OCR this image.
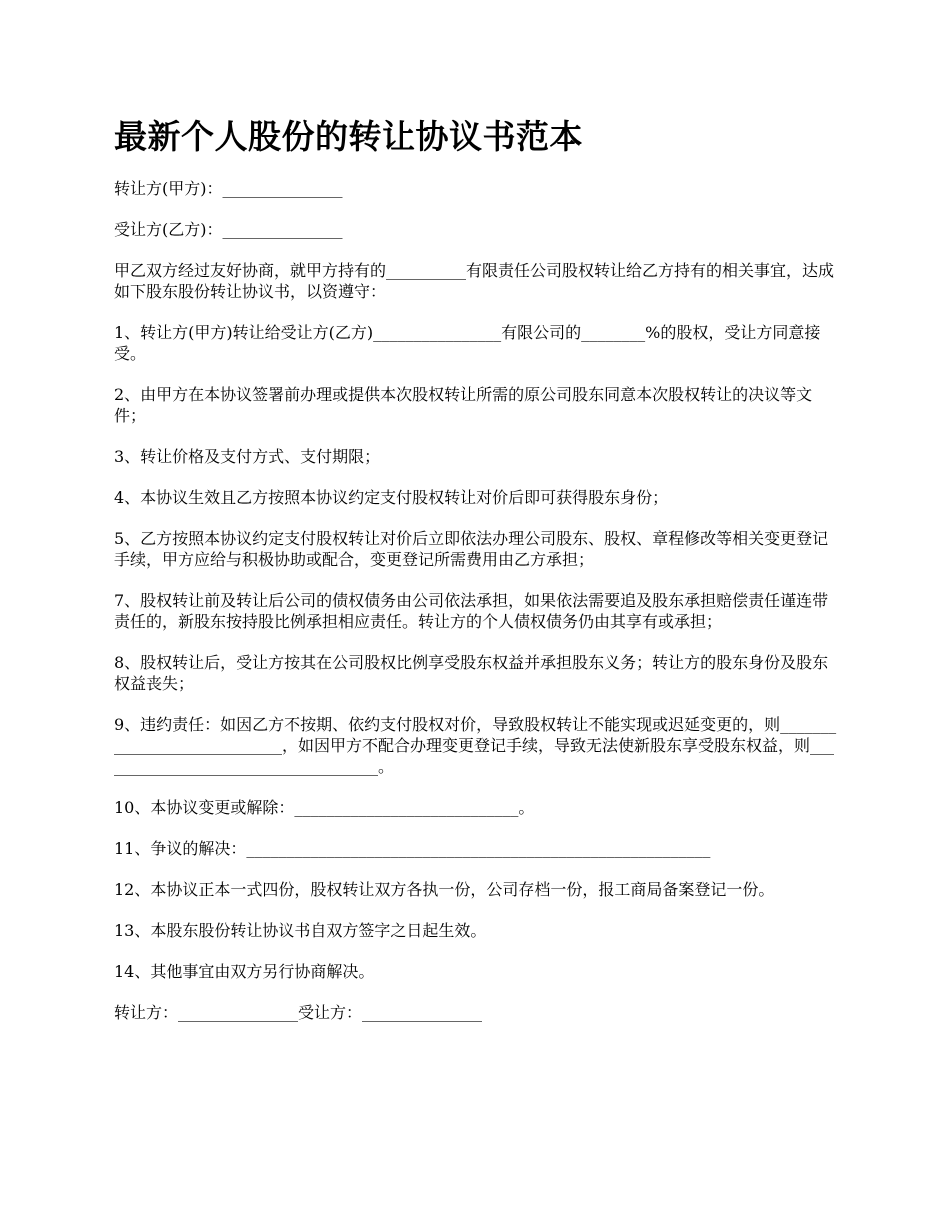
最新个人股份的转让协议书范本

转让方(甲方)：_______________

受让方(乙方)：_______________

甲乙双方经过友好协商，就甲方持有的__________有限责任公司股权转让给乙方持有的相关事宜，达成如下股东股份转让协议书，以资遵守：

1、转让方(甲方)转让给受让方(乙方)________________有限公司的________%的股权，受让方同意接受。

2、由甲方在本协议签署前办理或提供本次股权转让所需的原公司股东同意本次股权转让的决议等文件；

3、转让价格及支付方式、支付期限；

4、本协议生效且乙方按照本协议约定支付股权转让对价后即可获得股东身份；

5、乙方按照本协议约定支付股权转让对价后立即依法办理公司股东、股权、章程修改等相关变更登记手续，甲方应给与积极协助或配合，变更登记所需费用由乙方承担；

7、股权转让前及转让后公司的债权债务由公司依法承担，如果依法需要追及股东承担赔偿责任谨连带责任的，新股东按持股比例承担相应责任。转让方的个人债权债务仍由其享有或承担；

8、股权转让后，受让方按其在公司股权比例享受股东权益并承担股东义务；转让方的股东身份及股东权益丧失；

9、违约责任：如因乙方不按期、依约支付股权对价，导致股权转让不能实现或迟延变更的，则____________________________，如因甲方不配合办理变更登记手续，导致无法使新股东享受股东权益，则____________________________________。

10、本协议变更或解除：____________________________。

11、争议的解决：__________________________________________________________

12、本协议正本一式四份，股权转让双方各执一份，公司存档一份，报工商局备案登记一份。

13、本股东股份转让协议书自双方签字之日起生效。

14、其他事宜由双方另行协商解决。

转让方：_______________受让方：_______________
